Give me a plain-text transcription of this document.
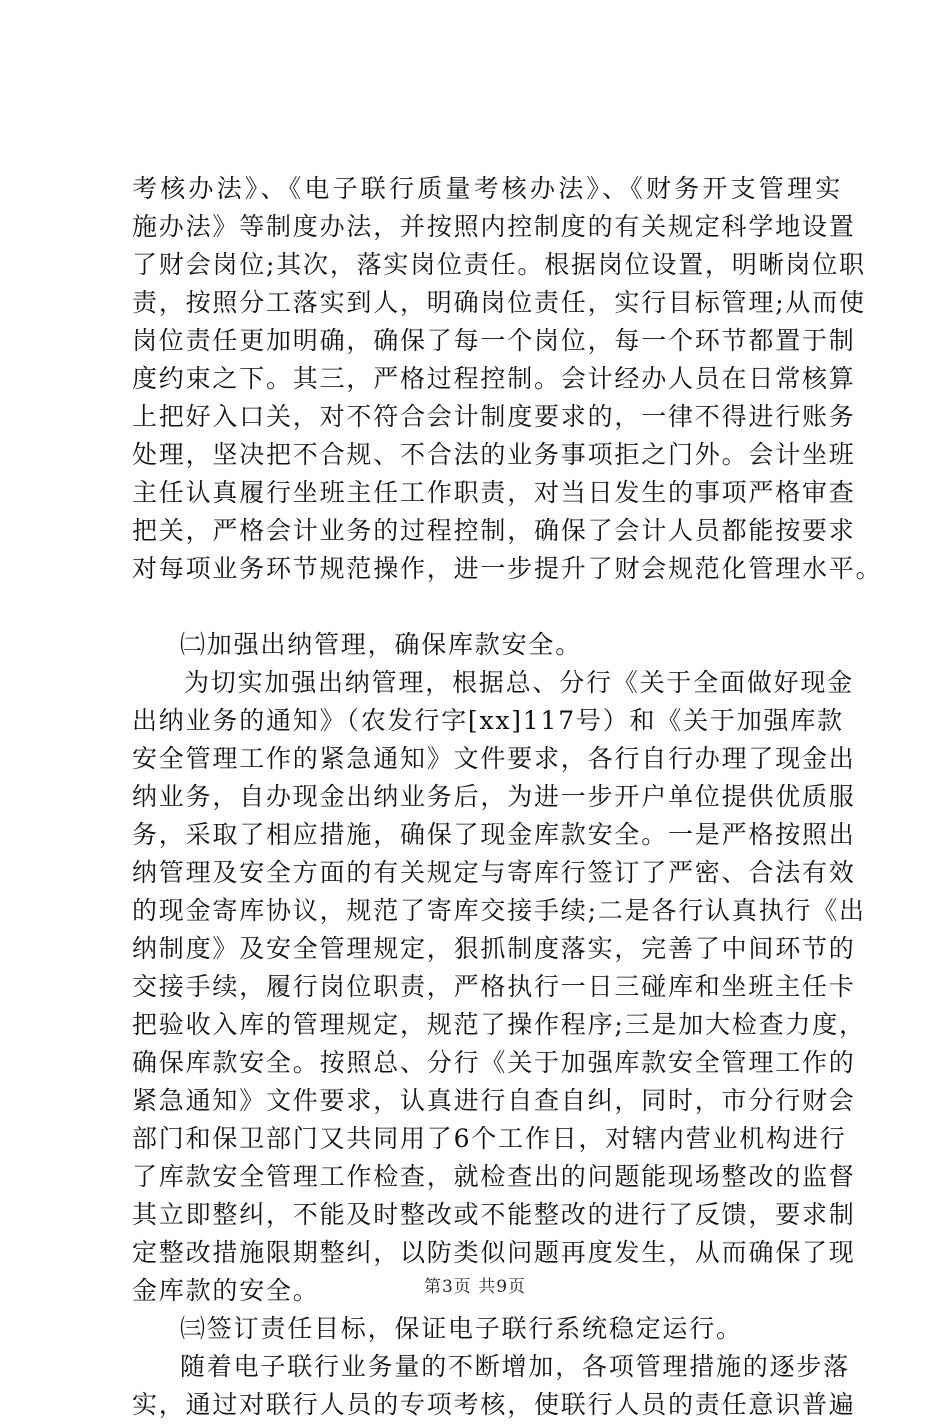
考核办法》、《电子联行质量考核办法》、《财务开支管理实
施办法》等制度办法，并按照内控制度的有关规定科学地设置
了财会岗位;其次，落实岗位责任。根据岗位设置，明晰岗位职
责，按照分工落实到人，明确岗位责任，实行目标管理;从而使
岗位责任更加明确，确保了每一个岗位，每一个环节都置于制
度约束之下。其三，严格过程控制。会计经办人员在日常核算
上把好入口关，对不符合会计制度要求的，一律不得进行账务
处理，坚决把不合规、不合法的业务事项拒之门外。会计坐班
主任认真履行坐班主任工作职责，对当日发生的事项严格审查
把关，严格会计业务的过程控制，确保了会计人员都能按要求
对每项业务环节规范操作，进一步提升了财会规范化管理水平。
㈡加强出纳管理，确保库款安全。
为切实加强出纳管理，根据总、分行《关于全面做好现金
出纳业务的通知》（农发行字[xx]117号）和《关于加强库款
安全管理工作的紧急通知》文件要求，各行自行办理了现金出
纳业务，自办现金出纳业务后，为进一步开户单位提供优质服
务，采取了相应措施，确保了现金库款安全。一是严格按照出
纳管理及安全方面的有关规定与寄库行签订了严密、合法有效
的现金寄库协议，规范了寄库交接手续;二是各行认真执行《出
纳制度》及安全管理规定，狠抓制度落实，完善了中间环节的
交接手续，履行岗位职责，严格执行一日三碰库和坐班主任卡
把验收入库的管理规定，规范了操作程序;三是加大检查力度，
确保库款安全。按照总、分行《关于加强库款安全管理工作的
紧急通知》文件要求，认真进行自查自纠，同时，市分行财会
部门和保卫部门又共同用了6个工作日，对辖内营业机构进行
了库款安全管理工作检查，就检查出的问题能现场整改的监督
其立即整纠，不能及时整改或不能整改的进行了反馈，要求制
定整改措施限期整纠，以防类似问题再度发生，从而确保了现
金库款的安全。
㈢签订责任目标，保证电子联行系统稳定运行。
随着电子联行业务量的不断增加，各项管理措施的逐步落
实，通过对联行人员的专项考核，使联行人员的责任意识普遍
第3页 共9页
